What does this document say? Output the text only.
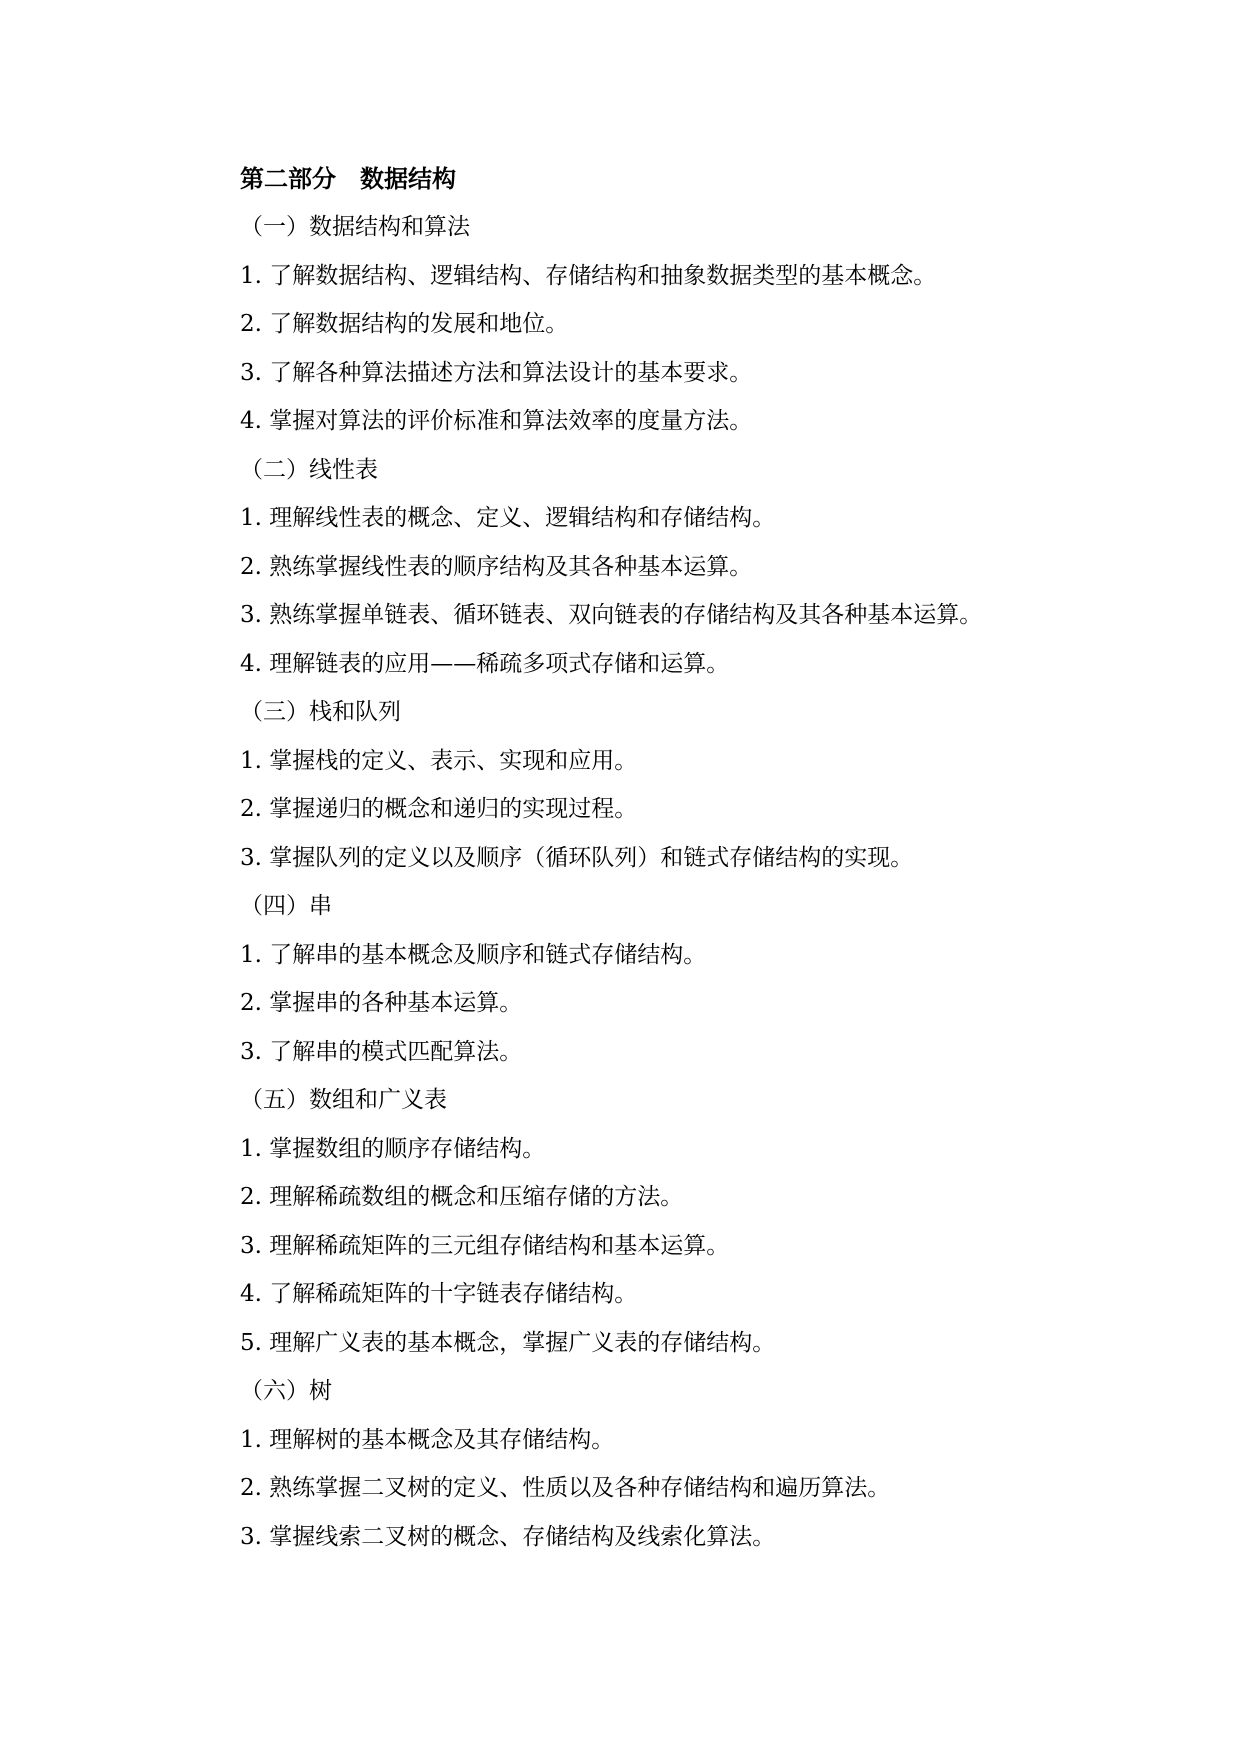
第二部分 数据结构
（一）数据结构和算法
1. 了解数据结构、逻辑结构、存储结构和抽象数据类型的基本概念。
2. 了解数据结构的发展和地位。
3. 了解各种算法描述方法和算法设计的基本要求。
4. 掌握对算法的评价标准和算法效率的度量方法。
（二）线性表
1. 理解线性表的概念、定义、逻辑结构和存储结构。
2. 熟练掌握线性表的顺序结构及其各种基本运算。
3. 熟练掌握单链表、循环链表、双向链表的存储结构及其各种基本运算。
4. 理解链表的应用——稀疏多项式存储和运算。
（三）栈和队列
1. 掌握栈的定义、表示、实现和应用。
2. 掌握递归的概念和递归的实现过程。
3. 掌握队列的定义以及顺序（循环队列）和链式存储结构的实现。
（四）串
1. 了解串的基本概念及顺序和链式存储结构。
2. 掌握串的各种基本运算。
3. 了解串的模式匹配算法。
（五）数组和广义表
1. 掌握数组的顺序存储结构。
2. 理解稀疏数组的概念和压缩存储的方法。
3. 理解稀疏矩阵的三元组存储结构和基本运算。
4. 了解稀疏矩阵的十字链表存储结构。
5. 理解广义表的基本概念，掌握广义表的存储结构。
（六）树
1. 理解树的基本概念及其存储结构。
2. 熟练掌握二叉树的定义、性质以及各种存储结构和遍历算法。
3. 掌握线索二叉树的概念、存储结构及线索化算法。
